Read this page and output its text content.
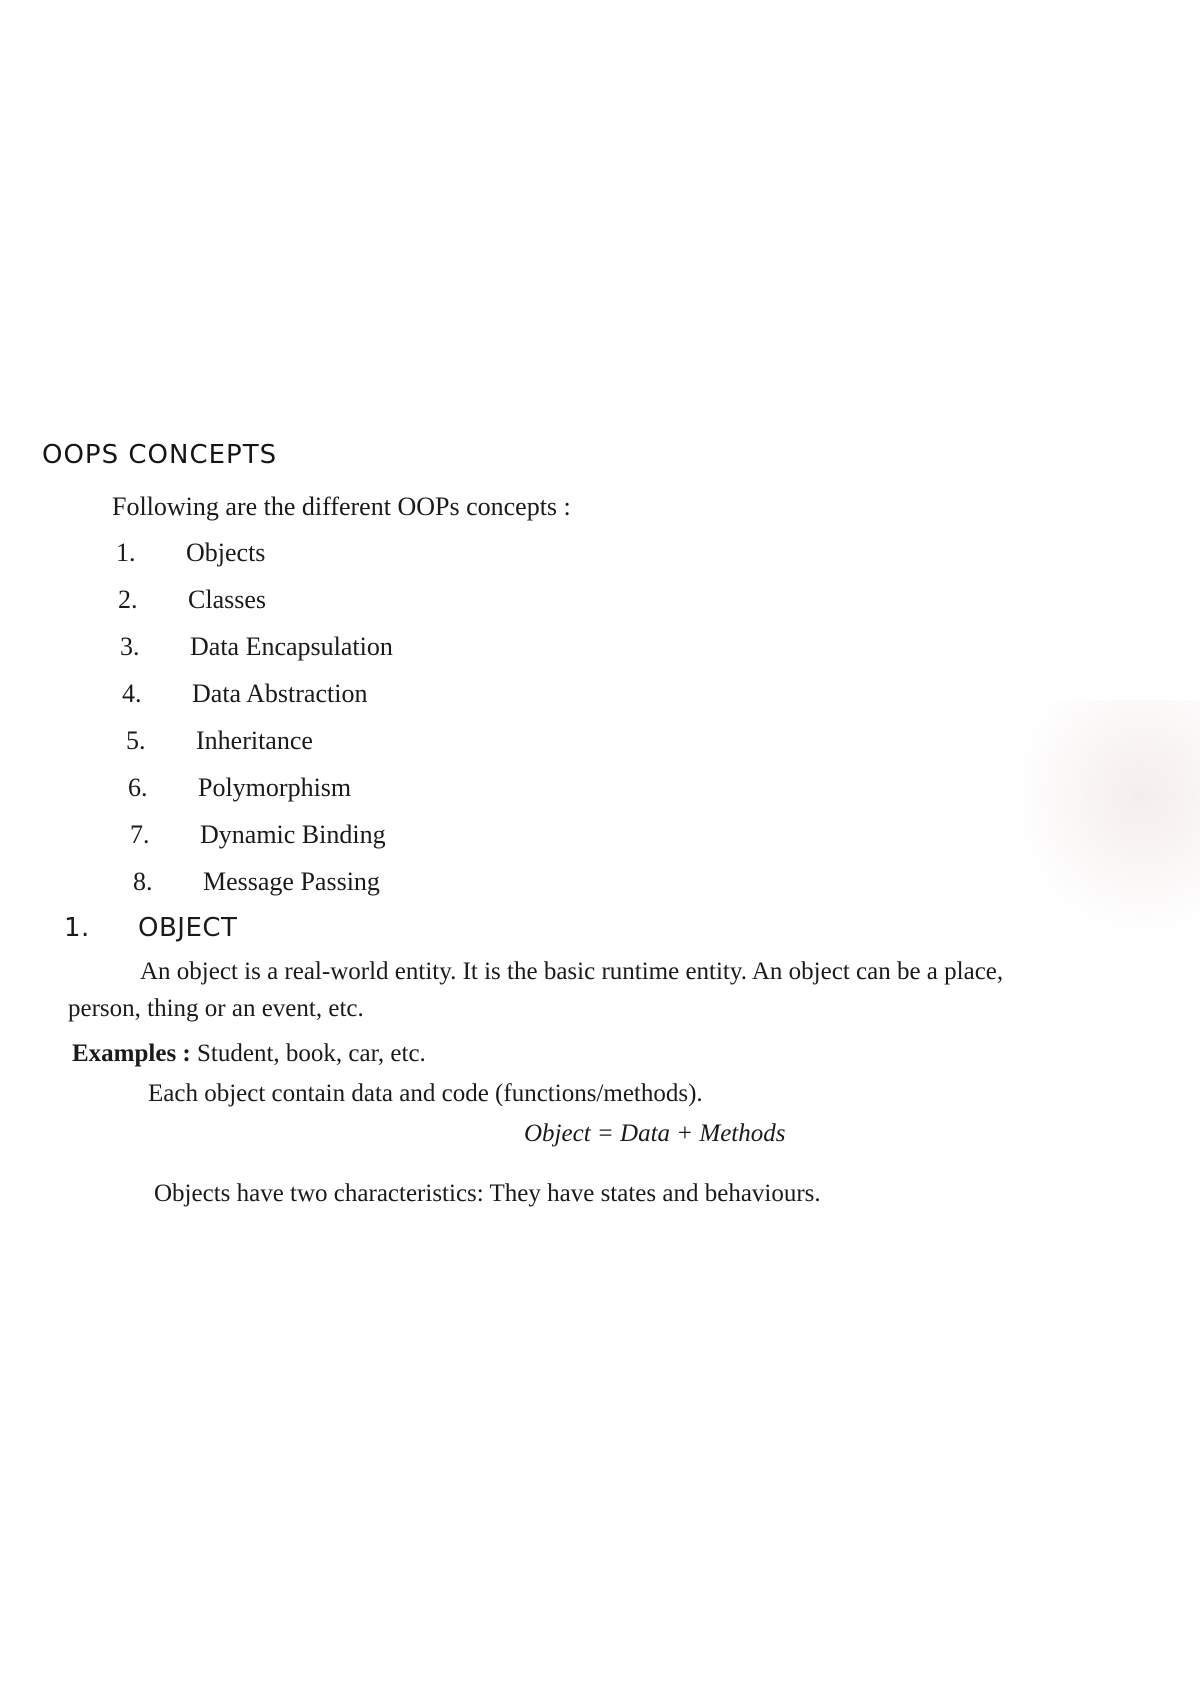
OOPS CONCEPTS

Following are the different OOPs concepts :

1. Objects
2. Classes
3. Data Encapsulation
4. Data Abstraction
5. Inheritance
6. Polymorphism
7. Dynamic Binding
8. Message Passing
1. OBJECT

An object is a real-world entity. It is the basic runtime entity. An object can be a place,

person, thing or an event, etc.

Examples : Student, book, car, etc.

Each object contain data and code (functions/methods).

Object = Data + Methods

Objects have two characteristics: They have states and behaviours.
